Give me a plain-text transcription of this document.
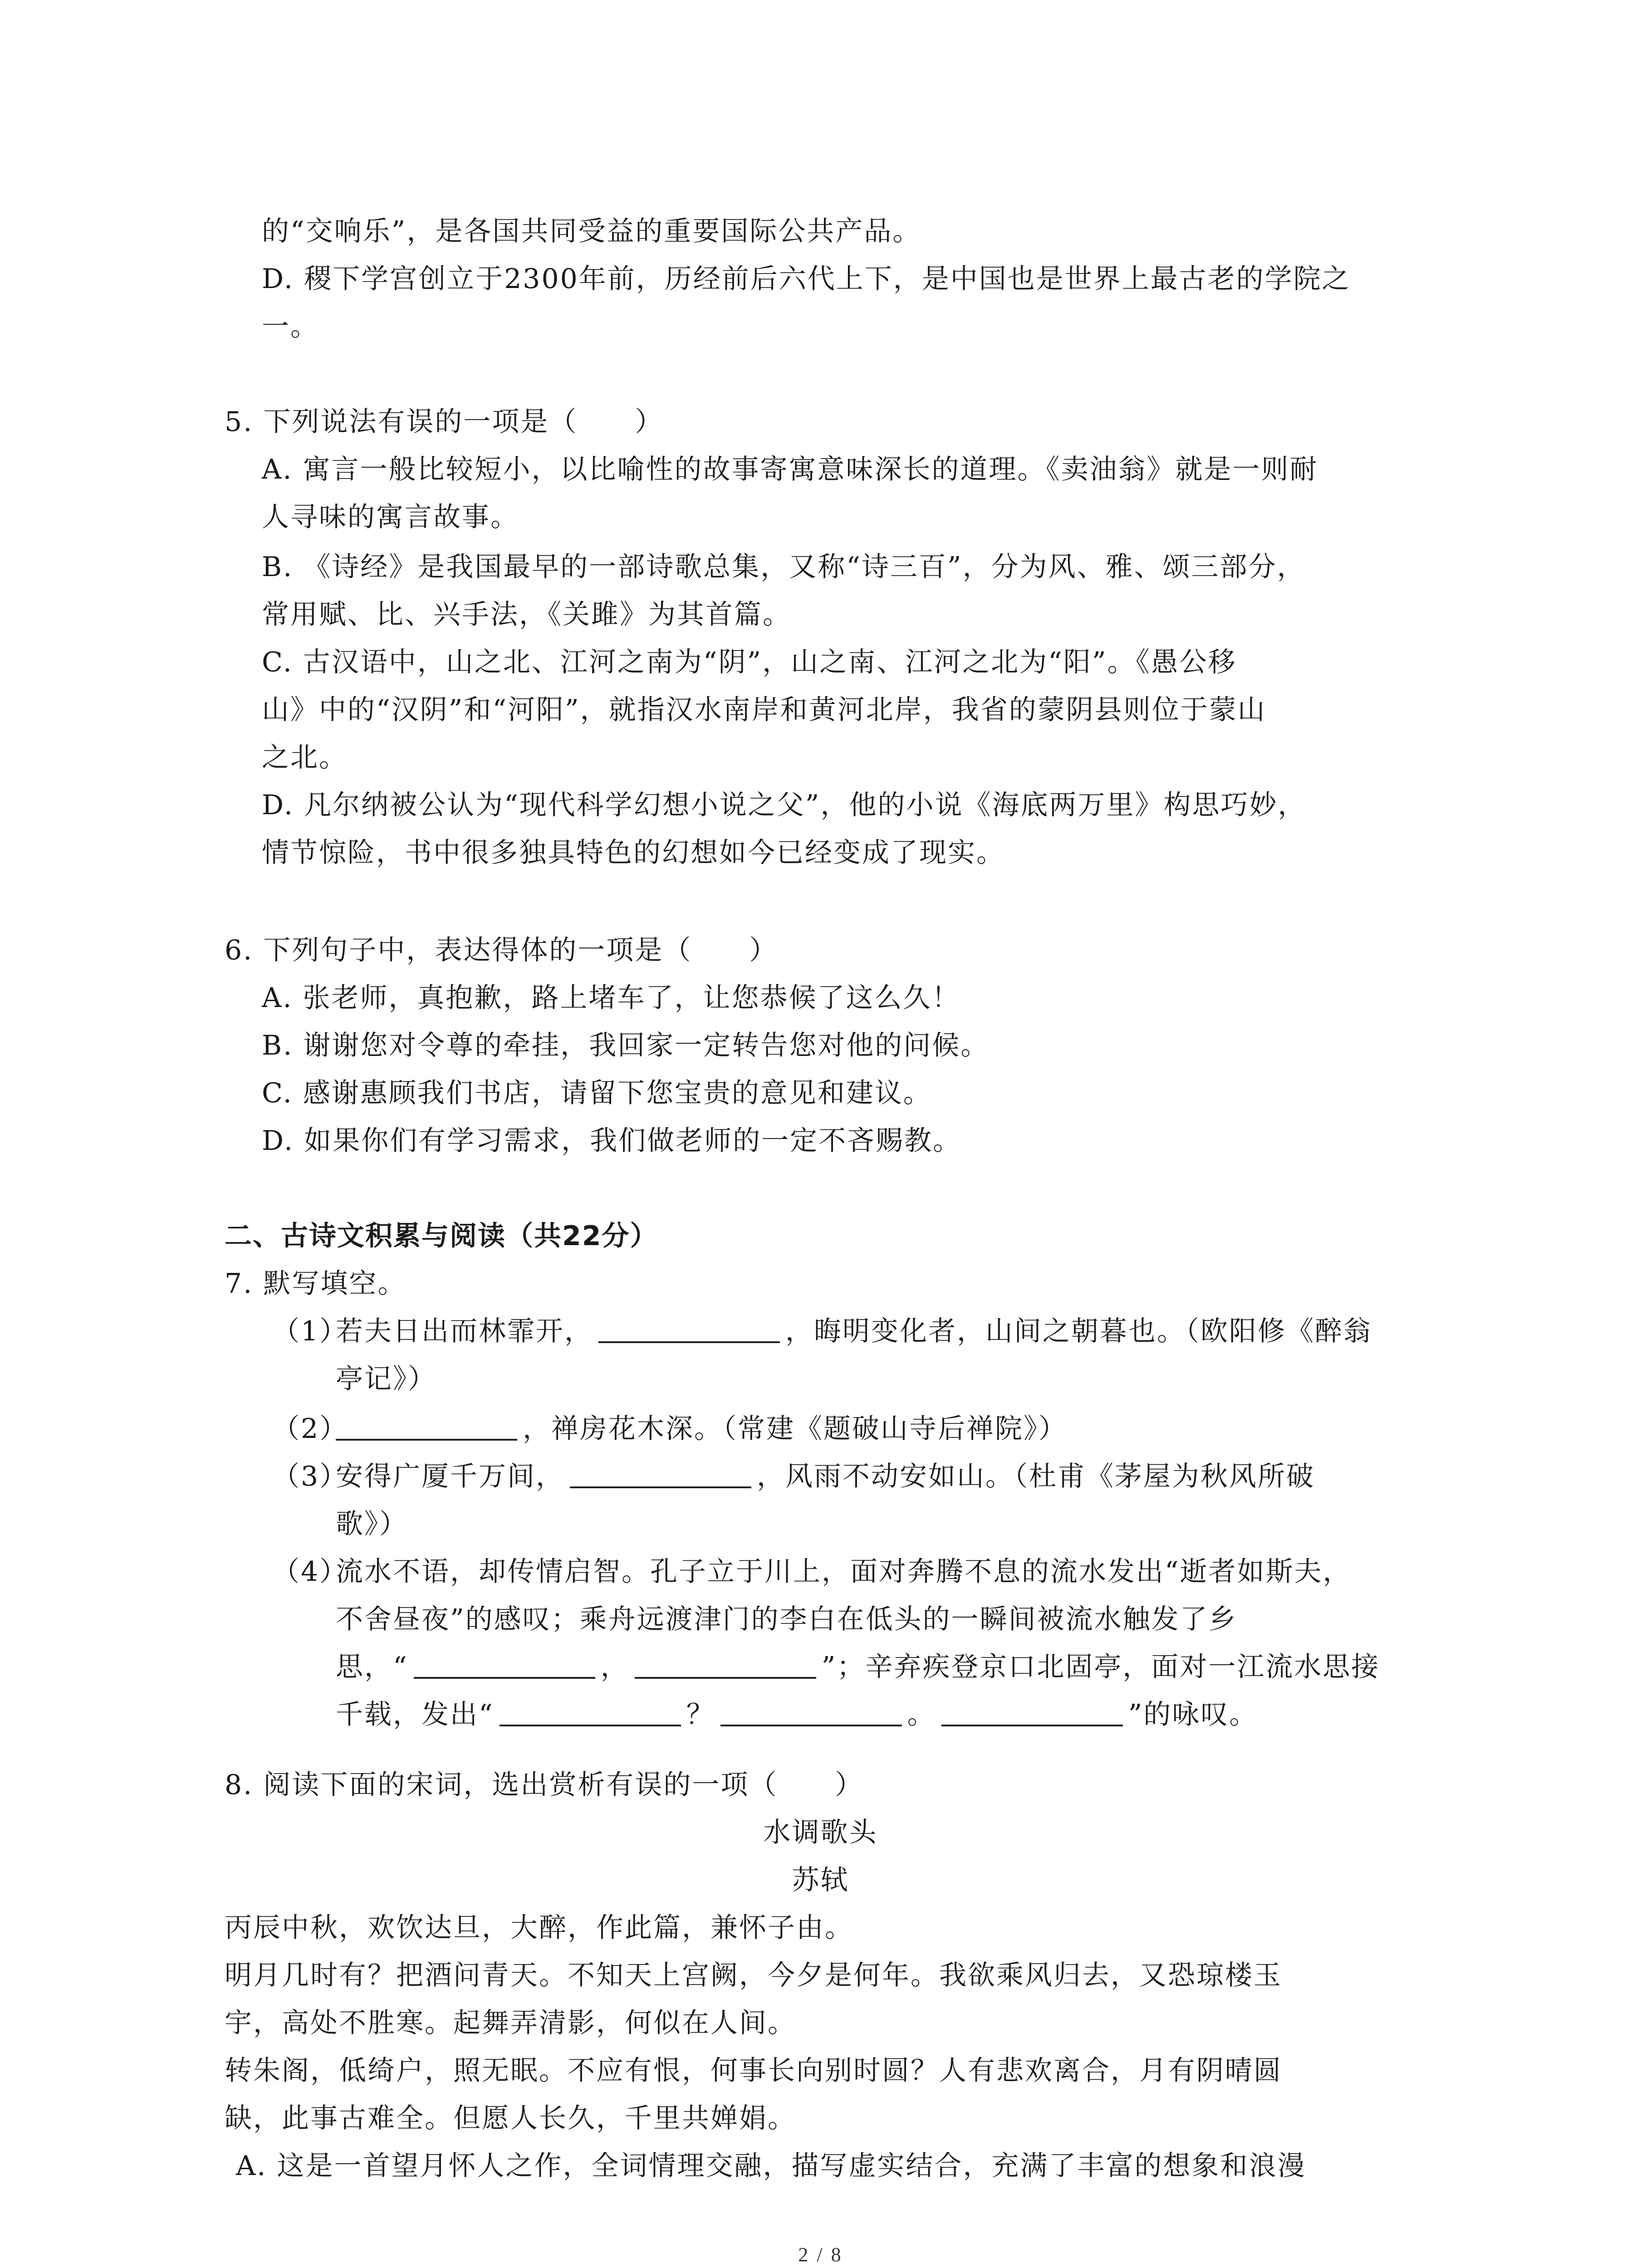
的“交响乐”，是各国共同受益的重要国际公共产品。
D. 稷下学宫创立于2300年前，历经前后六代上下，是中国也是世界上最古老的学院之
一。
5. 下列说法有误的一项是（　　）
A. 寓言一般比较短小，以比喻性的故事寄寓意味深长的道理。《卖油翁》就是一则耐
人寻味的寓言故事。
B. 《诗经》是我国最早的一部诗歌总集，又称“诗三百”，分为风、雅、颂三部分，
常用赋、比、兴手法，《关雎》为其首篇。
C. 古汉语中，山之北、江河之南为“阴”，山之南、江河之北为“阳”。《愚公移
山》中的“汉阴”和“河阳”，就指汉水南岸和黄河北岸，我省的蒙阴县则位于蒙山
之北。
D. 凡尔纳被公认为“现代科学幻想小说之父”，他的小说《海底两万里》构思巧妙，
情节惊险，书中很多独具特色的幻想如今已经变成了现实。
6. 下列句子中，表达得体的一项是（　　）
A. 张老师，真抱歉，路上堵车了，让您恭候了这么久！
B. 谢谢您对令尊的牵挂，我回家一定转告您对他的问候。
C. 感谢惠顾我们书店，请留下您宝贵的意见和建议。
D. 如果你们有学习需求，我们做老师的一定不吝赐教。
二、古诗文积累与阅读（共22分）
7. 默写填空。
（1）
若夫日出而林霏开，	，晦明变化者，山间之朝暮也。（欧阳修《醉翁
亭记》）
（2）	，禅房花木深。（常建《题破山寺后禅院》）
（3）
安得广厦千万间，	，风雨不动安如山。（杜甫《茅屋为秋风所破
歌》）
（4）
流水不语，却传情启智。孔子立于川上，面对奔腾不息的流水发出“逝者如斯夫，
不舍昼夜”的感叹；乘舟远渡津门的李白在低头的一瞬间被流水触发了乡
思，“	，	”；辛弃疾登京口北固亭，面对一江流水思接
千载，发出“	？	。	”的咏叹。
8. 阅读下面的宋词，选出赏析有误的一项（　　）
水调歌头
苏轼
丙辰中秋，欢饮达旦，大醉，作此篇，兼怀子由。
明月几时有？把酒问青天。不知天上宫阙，今夕是何年。我欲乘风归去，又恐琼楼玉
宇，高处不胜寒。起舞弄清影，何似在人间。
转朱阁，低绮户，照无眠。不应有恨，何事长向别时圆？人有悲欢离合，月有阴晴圆
缺，此事古难全。但愿人长久，千里共婵娟。
A. 这是一首望月怀人之作，全词情理交融，描写虚实结合，充满了丰富的想象和浪漫
2 / 8
